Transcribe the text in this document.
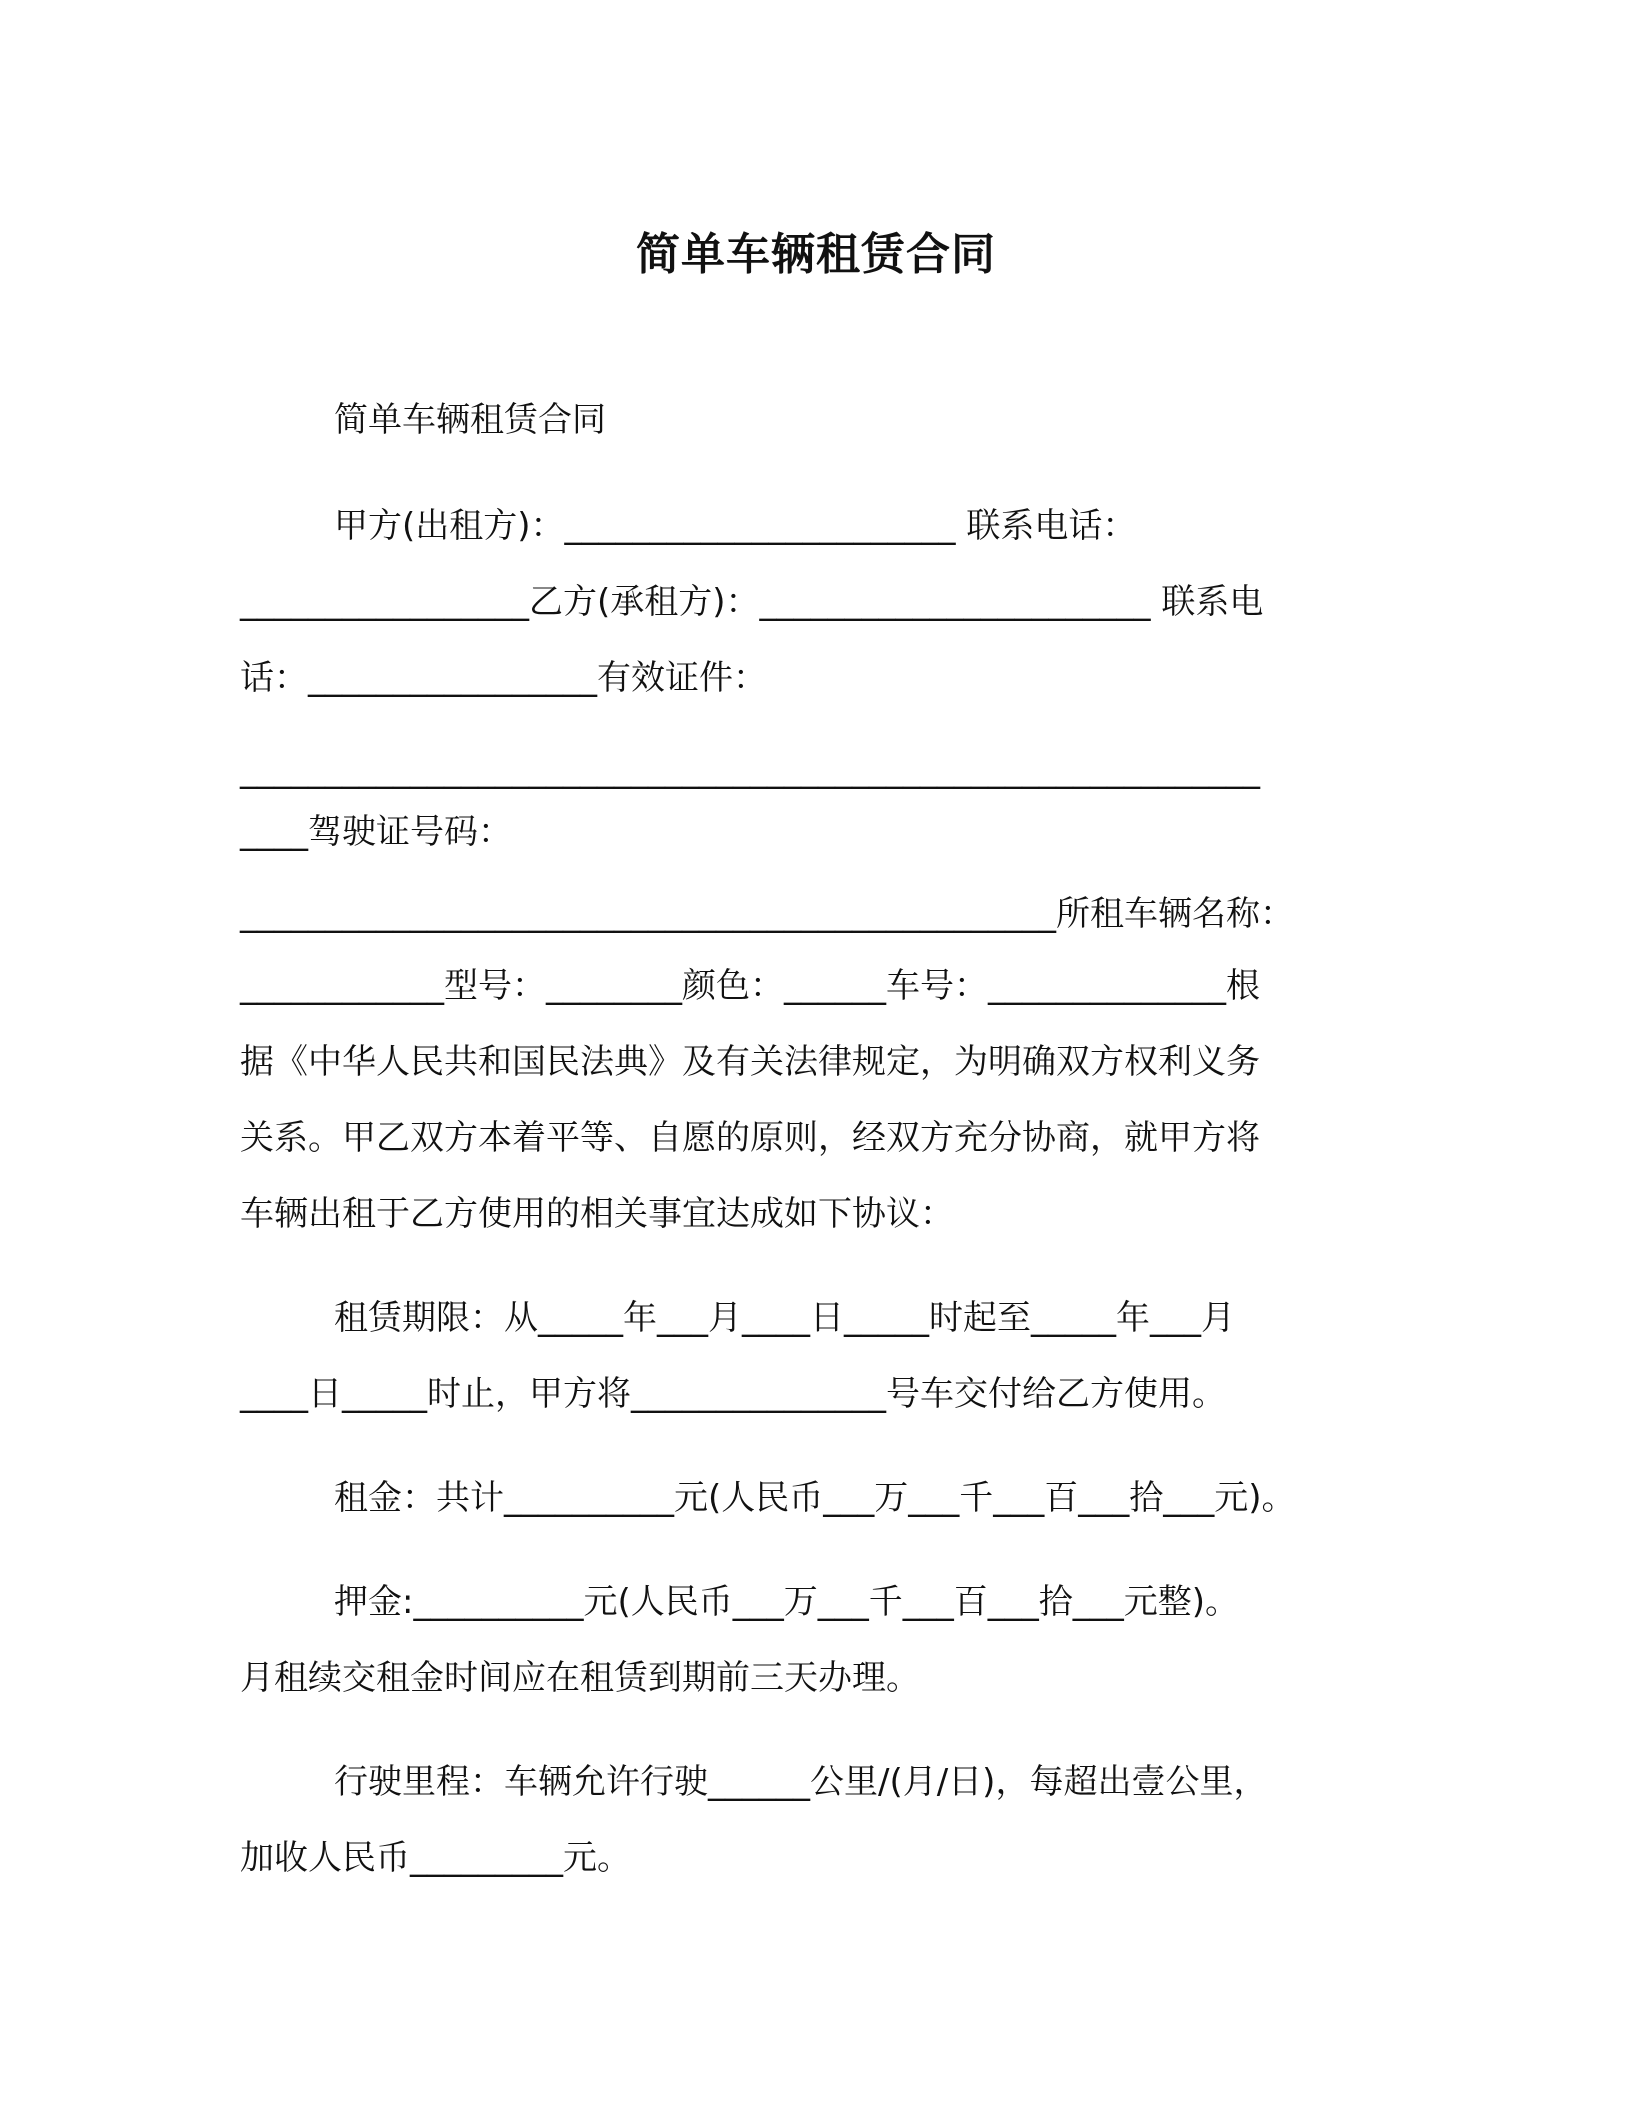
简单车辆租赁合同
简单车辆租赁合同
甲方(出租方)：_______________________ 联系电话：
_________________乙方(承租方)：_______________________ 联系电
话：_________________有效证件：
____________________________________________________________
____驾驶证号码：
________________________________________________所租车辆名称：
____________型号：________颜色：______车号：______________根
据《中华人民共和国民法典》及有关法律规定，为明确双方权利义务
关系。甲乙双方本着平等、自愿的原则，经双方充分协商，就甲方将
车辆出租于乙方使用的相关事宜达成如下协议：
租赁期限：从_____年___月____日_____时起至_____年___月
____日_____时止，甲方将_______________号车交付给乙方使用。
租金：共计__________元(人民币___万___千___百___拾___元)。
押金:__________元(人民币___万___千___百___拾___元整)。
月租续交租金时间应在租赁到期前三天办理。
行驶里程：车辆允许行驶______公里/(月/日)，每超出壹公里，
加收人民币_________元。
